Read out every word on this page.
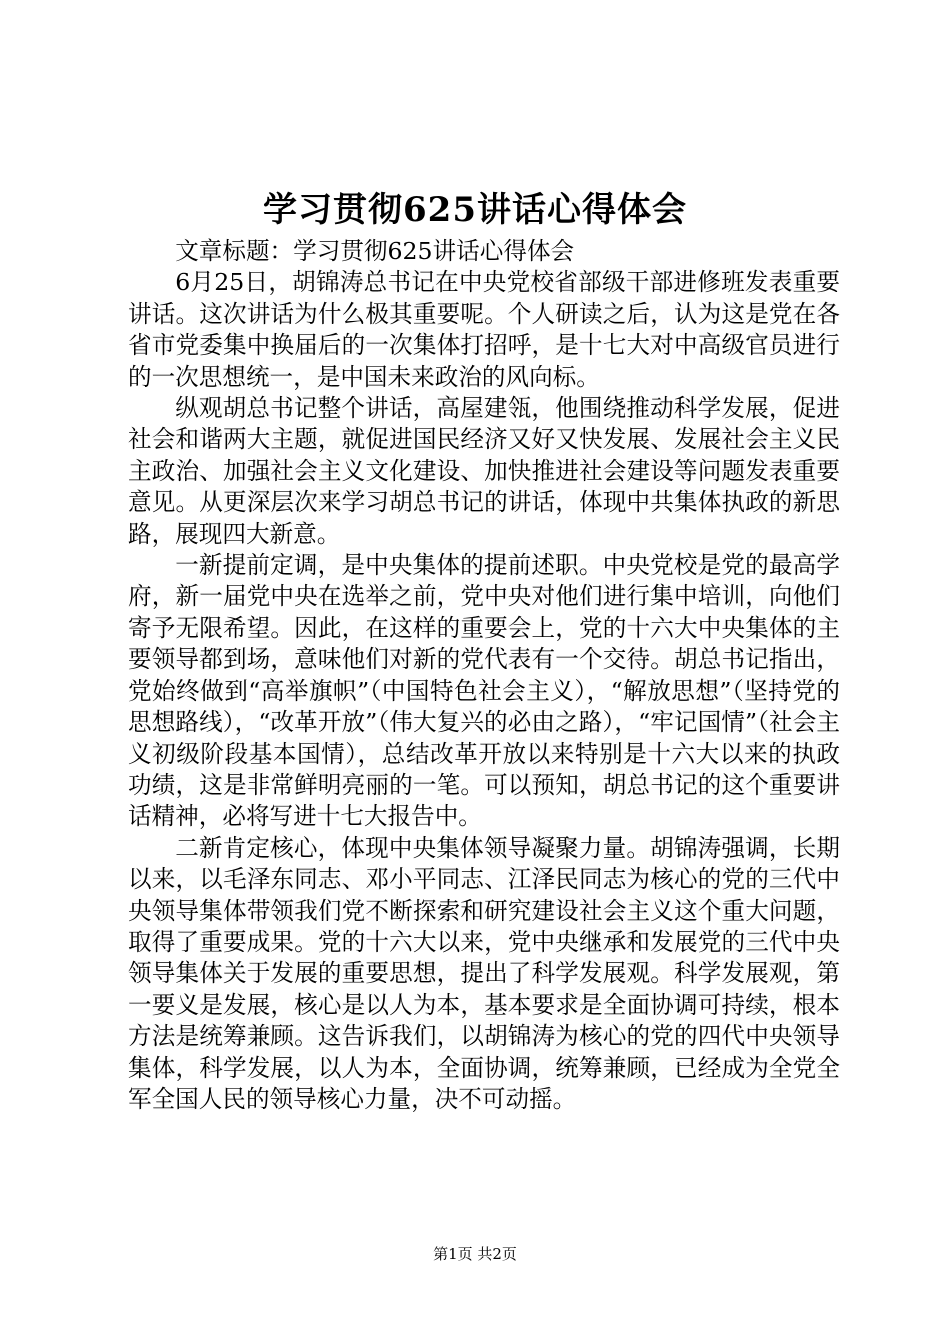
学习贯彻625讲话心得体会

文章标题：学习贯彻625讲话心得体会

6月25日，胡锦涛总书记在中央党校省部级干部进修班发表重要讲话。这次讲话为什么极其重要呢。个人研读之后，认为这是党在各省市党委集中换届后的一次集体打招呼，是十七大对中高级官员进行的一次思想统一，是中国未来政治的风向标。

纵观胡总书记整个讲话，高屋建瓴，他围绕推动科学发展，促进社会和谐两大主题，就促进国民经济又好又快发展、发展社会主义民主政治、加强社会主义文化建设、加快推进社会建设等问题发表重要意见。从更深层次来学习胡总书记的讲话，体现中共集体执政的新思路，展现四大新意。

一新提前定调，是中央集体的提前述职。中央党校是党的最高学府，新一届党中央在选举之前，党中央对他们进行集中培训，向他们寄予无限希望。因此，在这样的重要会上，党的十六大中央集体的主要领导都到场，意味他们对新的党代表有一个交待。胡总书记指出，党始终做到“高举旗帜”（中国特色社会主义），“解放思想”（坚持党的思想路线），“改革开放”（伟大复兴的必由之路），“牢记国情”（社会主义初级阶段基本国情），总结改革开放以来特别是十六大以来的执政功绩，这是非常鲜明亮丽的一笔。可以预知，胡总书记的这个重要讲话精神，必将写进十七大报告中。

二新肯定核心，体现中央集体领导凝聚力量。胡锦涛强调，长期以来，以毛泽东同志、邓小平同志、江泽民同志为核心的党的三代中央领导集体带领我们党不断探索和研究建设社会主义这个重大问题，取得了重要成果。党的十六大以来，党中央继承和发展党的三代中央领导集体关于发展的重要思想，提出了科学发展观。科学发展观，第一要义是发展，核心是以人为本，基本要求是全面协调可持续，根本方法是统筹兼顾。这告诉我们，以胡锦涛为核心的党的四代中央领导集体，科学发展，以人为本，全面协调，统筹兼顾，已经成为全党全军全国人民的领导核心力量，决不可动摇。

第1页 共2页
